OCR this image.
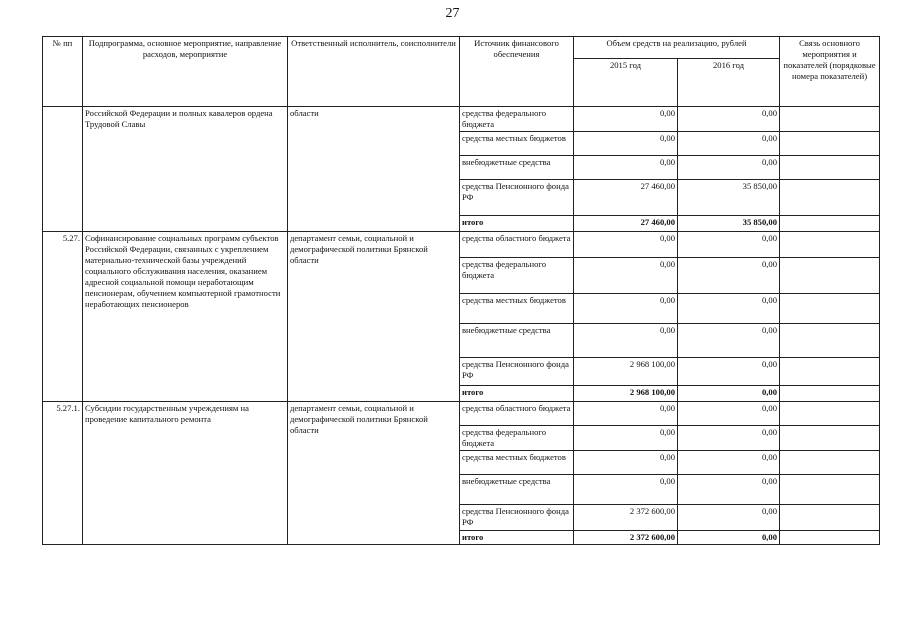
27
№ пп	Подпрограмма, основное мероприятие, направление расходов, мероприятие	Ответственный исполнитель, соисполнители	Источник финансового обеспечения	Объем средств на реализацию, рублей		Связь основного мероприятия и показателей (порядковые номера показателей)
				2015 год	2016 год	
	Российской Федерации и полных кавалеров ордена Трудовой Славы	области	средства федерального бюджета	0,00	0,00	
			средства местных бюджетов	0,00	0,00	
			внебюджетные средства	0,00	0,00	
			средства Пенсионного фонда РФ	27 460,00	35 850,00	
			итого	27 460,00	35 850,00	
5.27.	Софинансирование социальных программ субъектов Российской Федерации, связанных с укреплением материально-технической базы учреждений социального обслуживания населения, оказанием адресной социальной помощи неработающим пенсионерам, обучением компьютерной грамотности неработающих пенсионеров	департамент семьи, социальной и демографической политики Брянской области	средства областного бюджета	0,00	0,00	
			средства федерального бюджета	0,00	0,00	
			средства местных бюджетов	0,00	0,00	
			внебюджетные средства	0,00	0,00	
			средства Пенсионного фонда РФ	2 968 100,00	0,00	
			итого	2 968 100,00	0,00	
5.27.1.	Субсидии государственным учреждениям на проведение капитального ремонта	департамент семьи, социальной и демографической политики Брянской области	средства областного бюджета	0,00	0,00	
			средства федерального бюджета	0,00	0,00	
			средства местных бюджетов	0,00	0,00	
			внебюджетные средства	0,00	0,00	
			средства Пенсионного фонда РФ	2 372 600,00	0,00	
			итого	2 372 600,00	0,00	
